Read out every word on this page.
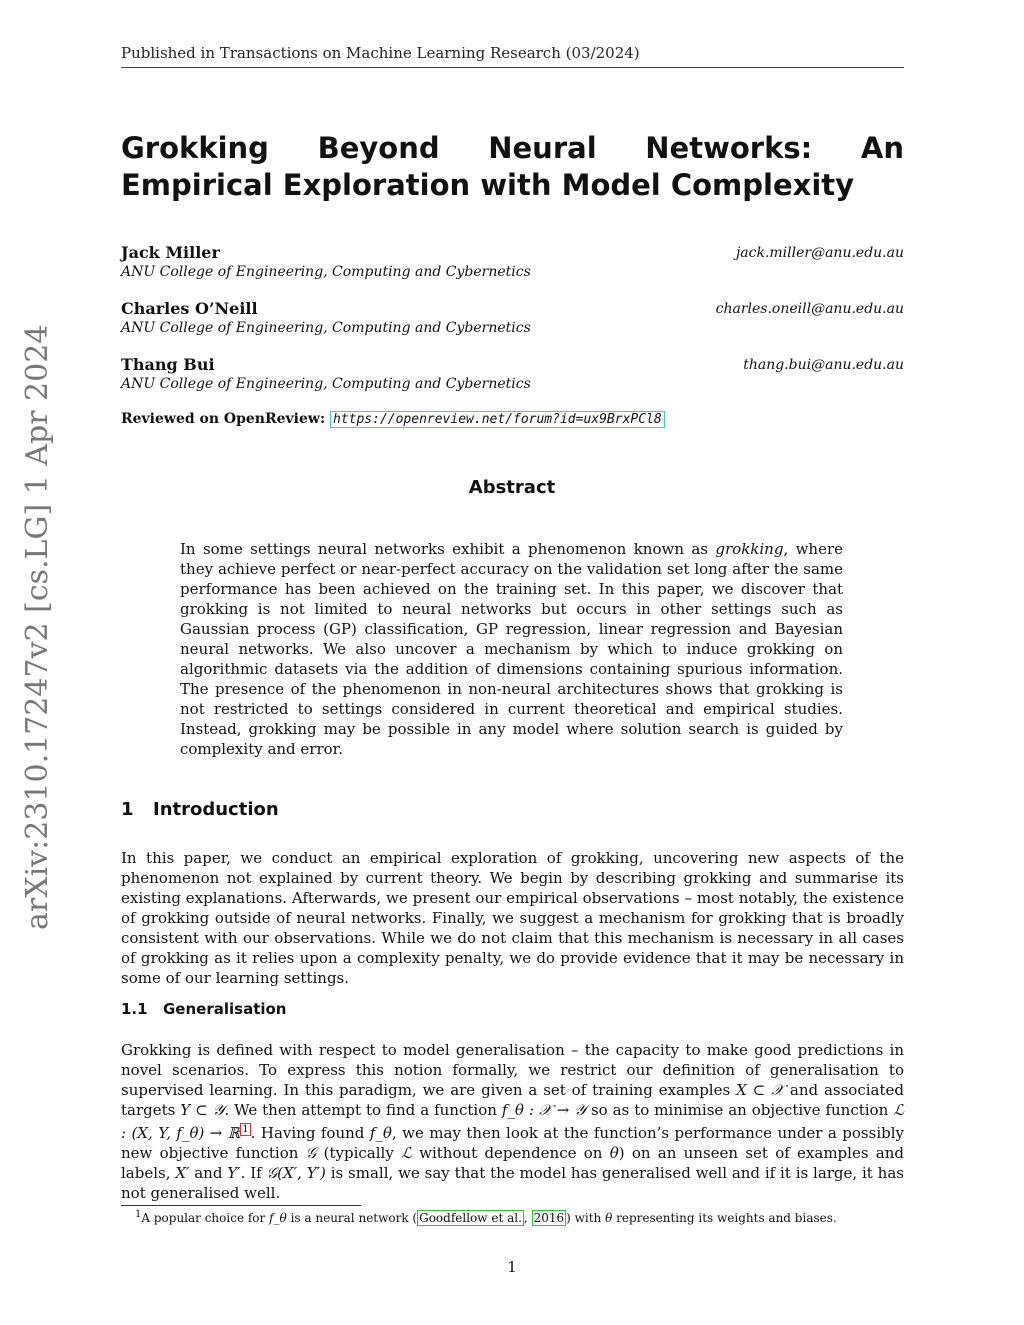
Published in Transactions on Machine Learning Research (03/2024)
arXiv:2310.17247v2 [cs.LG] 1 Apr 2024
Grokking Beyond Neural Networks: An Empirical Exploration with Model Complexity
Jack Miller	jack.miller@anu.edu.au
ANU College of Engineering, Computing and Cybernetics
Charles O’Neill	charles.oneill@anu.edu.au
ANU College of Engineering, Computing and Cybernetics
Thang Bui	thang.bui@anu.edu.au
ANU College of Engineering, Computing and Cybernetics
Reviewed on OpenReview: https://openreview.net/forum?id=ux9BrxPCl8
Abstract
In some settings neural networks exhibit a phenomenon known as grokking, where they achieve perfect or near-perfect accuracy on the validation set long after the same performance has been achieved on the training set. In this paper, we discover that grokking is not limited to neural networks but occurs in other settings such as Gaussian process (GP) classification, GP regression, linear regression and Bayesian neural networks. We also uncover a mechanism by which to induce grokking on algorithmic datasets via the addition of dimensions containing spurious information. The presence of the phenomenon in non-neural architectures shows that grokking is not restricted to settings considered in current theoretical and empirical studies. Instead, grokking may be possible in any model where solution search is guided by complexity and error.
1 Introduction
In this paper, we conduct an empirical exploration of grokking, uncovering new aspects of the phenomenon not explained by current theory. We begin by describing grokking and summarise its existing explanations. Afterwards, we present our empirical observations – most notably, the existence of grokking outside of neural networks. Finally, we suggest a mechanism for grokking that is broadly consistent with our observations. While we do not claim that this mechanism is necessary in all cases of grokking as it relies upon a complexity penalty, we do provide evidence that it may be necessary in some of our learning settings.
1.1 Generalisation
Grokking is defined with respect to model generalisation – the capacity to make good predictions in novel scenarios. To express this notion formally, we restrict our definition of generalisation to supervised learning. In this paradigm, we are given a set of training examples X ⊂ 𝒳 and associated targets Y ⊂ 𝒴. We then attempt to find a function f_θ : 𝒳 → 𝒴 so as to minimise an objective function ℒ : (X, Y, f_θ) → ℝ $^1$ . Having found f_θ, we may then look at the function’s performance under a possibly new objective function 𝒢 (typically ℒ without dependence on θ) on an unseen set of examples and labels, X′ and Y′. If 𝒢(X′, Y′) is small, we say that the model has generalised well and if it is large, it has not generalised well.
$^1$A popular choice for f_θ is a neural network ( Goodfellow et al. , 2016 ) with θ representing its weights and biases.
1
